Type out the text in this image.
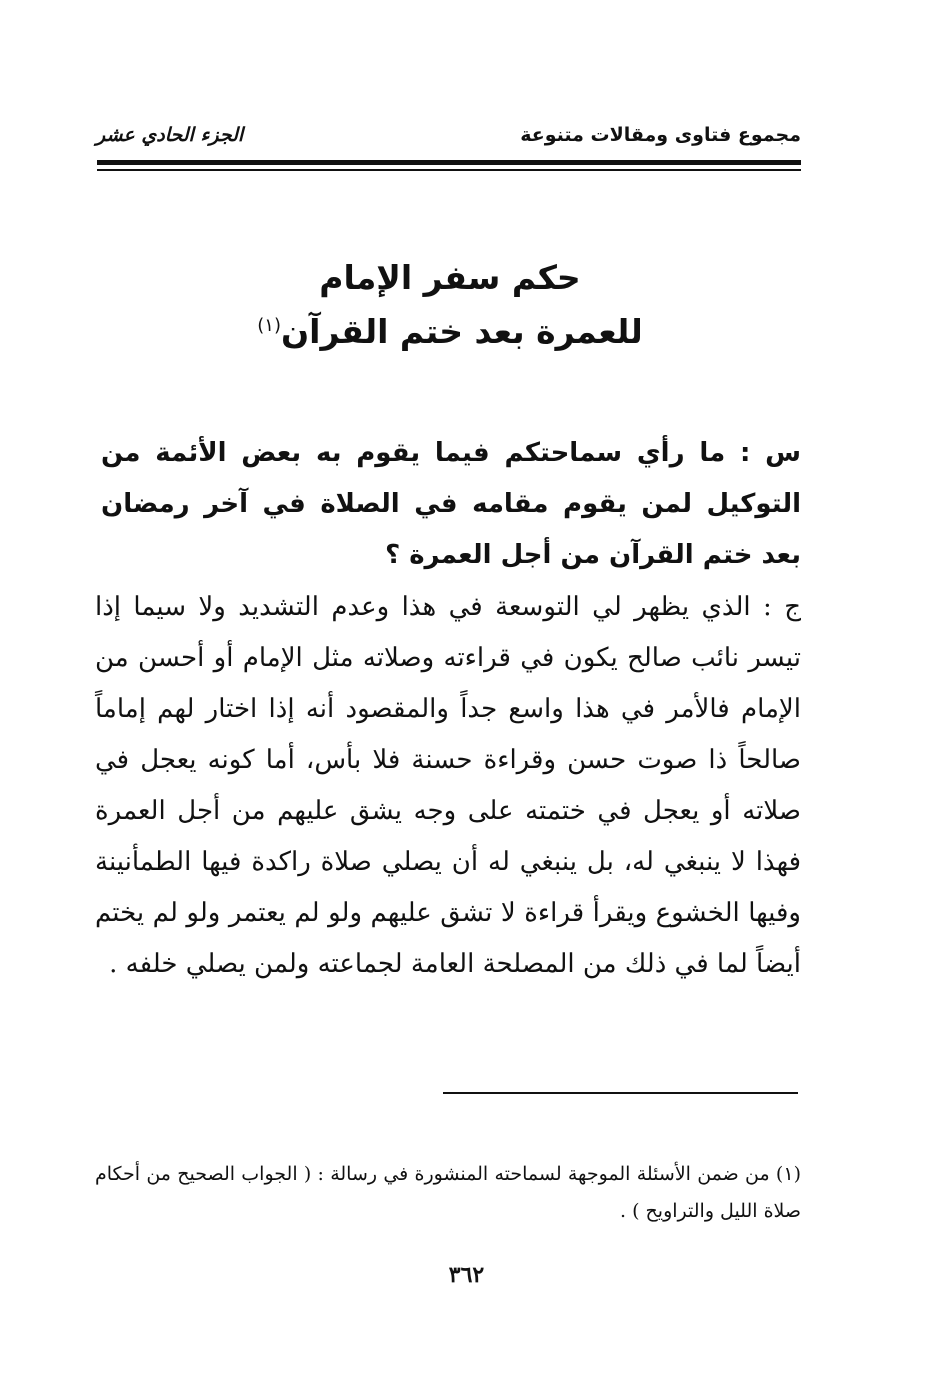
مجموع فتاوى ومقالات متنوعة
الجزء الحادي عشر
حكم سفر الإمام
للعمرة بعد ختم القرآن$^{(١)}$
س : ما رأي سماحتكم فيما يقوم به بعض الأئمة من التوكيل لمن يقوم مقامه في الصلاة في آخر رمضان بعد ختم القرآن من أجل العمرة ؟
ج : الذي يظهر لي التوسعة في هذا وعدم التشديد ولا سيما إذا تيسر نائب صالح يكون في قراءته وصلاته مثل الإمام أو أحسن من الإمام فالأمر في هذا واسع جداً والمقصود أنه إذا اختار لهم إماماً صالحاً ذا صوت حسن وقراءة حسنة فلا بأس، أما كونه يعجل في صلاته أو يعجل في ختمته على وجه يشق عليهم من أجل العمرة فهذا لا ينبغي له، بل ينبغي له أن يصلي صلاة راكدة فيها الطمأنينة وفيها الخشوع ويقرأ قراءة لا تشق عليهم ولو لم يعتمر ولو لم يختم أيضاً لما في ذلك من المصلحة العامة لجماعته ولمن يصلي خلفه .
(١) من ضمن الأسئلة الموجهة لسماحته المنشورة في رسالة : ( الجواب الصحيح من أحكام صلاة الليل والتراويح ) .
٣٦٢
